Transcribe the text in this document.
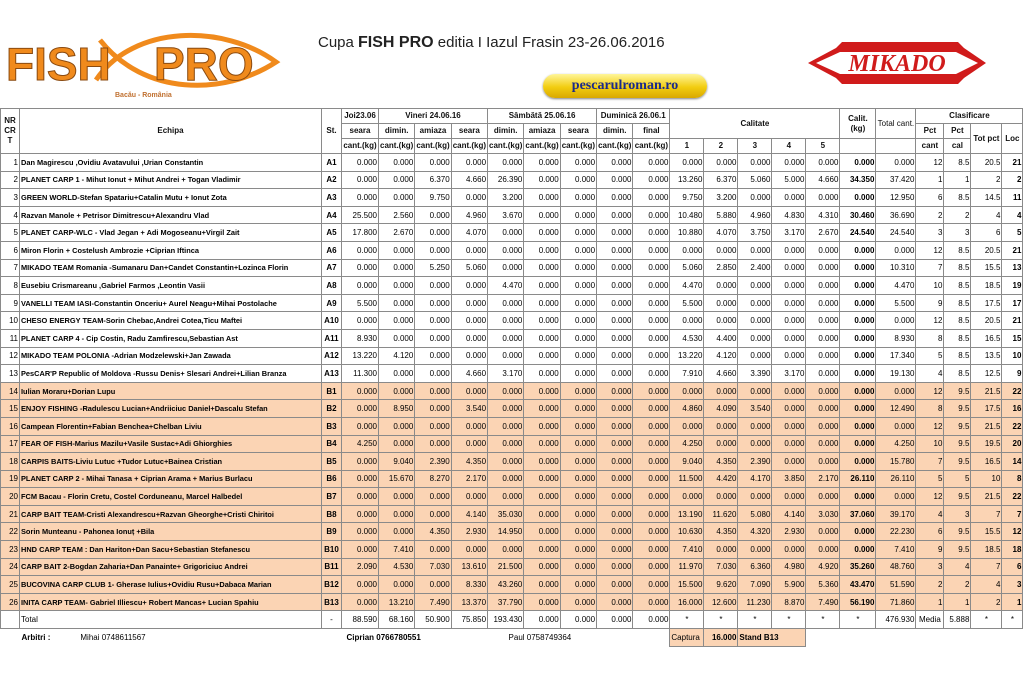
FISH PRO
Bacău - România
Cupa FISH PRO editia I Iazul Frasin 23-26.06.2016
pescarulroman.ro
MIKADO
NR CR T	Echipa	St.	Joi23.06	Vineri 24.06.16			Sâmbătă 25.06.16			Duminică 26.06.1		Calitate					Calit. (kg)	Total cant.	Clasificare			
			seara	dimin.	amiaza	seara	dimin.	amiaza	seara	dimin.	final								Pct	Pct	Tot pct	Loc
			cant.(kg)	cant.(kg)	cant.(kg)	cant.(kg)	cant.(kg)	cant.(kg)	cant.(kg)	cant.(kg)	cant.(kg)	1	2	3	4	5			cant	cal		
1	Dan Magirescu ,Ovidiu Avatavului ,Urian Constantin	A1	0.000	0.000	0.000	0.000	0.000	0.000	0.000	0.000	0.000	0.000	0.000	0.000	0.000	0.000	0.000	0.000	12	8.5	20.5	21
2	PLANET CARP 1 - Mihut Ionut + Mihut Andrei + Togan Vladimir	A2	0.000	0.000	6.370	4.660	26.390	0.000	0.000	0.000	0.000	13.260	6.370	5.060	5.000	4.660	34.350	37.420	1	1	2	2
3	GREEN WORLD-Stefan Spatariu+Catalin Mutu + Ionut Zota	A3	0.000	0.000	9.750	0.000	3.200	0.000	0.000	0.000	0.000	9.750	3.200	0.000	0.000	0.000	0.000	12.950	6	8.5	14.5	11
4	Razvan Manole + Petrisor Dimitrescu+Alexandru Vlad	A4	25.500	2.560	0.000	4.960	3.670	0.000	0.000	0.000	0.000	10.480	5.880	4.960	4.830	4.310	30.460	36.690	2	2	4	4
5	PLANET CARP-WLC - Vlad Jegan + Adi Mogoseanu+Virgil Zait	A5	17.800	2.670	0.000	4.070	0.000	0.000	0.000	0.000	0.000	10.880	4.070	3.750	3.170	2.670	24.540	24.540	3	3	6	5
6	Miron Florin + Costelush Ambrozie +Ciprian Iftinca	A6	0.000	0.000	0.000	0.000	0.000	0.000	0.000	0.000	0.000	0.000	0.000	0.000	0.000	0.000	0.000	0.000	12	8.5	20.5	21
7	MIKADO TEAM Romania -Sumanaru Dan+Candet Constantin+Lozinca Florin	A7	0.000	0.000	5.250	5.060	0.000	0.000	0.000	0.000	0.000	5.060	2.850	2.400	0.000	0.000	0.000	10.310	7	8.5	15.5	13
8	Eusebiu Crismareanu ,Gabriel Farmos ,Leontin Vasii	A8	0.000	0.000	0.000	0.000	4.470	0.000	0.000	0.000	0.000	4.470	0.000	0.000	0.000	0.000	0.000	4.470	10	8.5	18.5	19
9	VANELLI TEAM IASI-Constantin Onceriu+ Aurel Neagu+Mihai Postolache	A9	5.500	0.000	0.000	0.000	0.000	0.000	0.000	0.000	0.000	5.500	0.000	0.000	0.000	0.000	0.000	5.500	9	8.5	17.5	17
10	CHESO ENERGY TEAM-Sorin Chebac,Andrei Cotea,Ticu Maftei	A10	0.000	0.000	0.000	0.000	0.000	0.000	0.000	0.000	0.000	0.000	0.000	0.000	0.000	0.000	0.000	0.000	12	8.5	20.5	21
11	PLANET CARP 4 - Cip Costin, Radu Zamfirescu,Sebastian Ast	A11	8.930	0.000	0.000	0.000	0.000	0.000	0.000	0.000	0.000	4.530	4.400	0.000	0.000	0.000	0.000	8.930	8	8.5	16.5	15
12	MIKADO TEAM POLONIA -Adrian Modzelewski+Jan Zawada	A12	13.220	4.120	0.000	0.000	0.000	0.000	0.000	0.000	0.000	13.220	4.120	0.000	0.000	0.000	0.000	17.340	5	8.5	13.5	10
13	PesCAR'P Republic of Moldova -Russu Denis+ Slesari Andrei+Lilian Branza	A13	11.300	0.000	0.000	4.660	3.170	0.000	0.000	0.000	0.000	7.910	4.660	3.390	3.170	0.000	0.000	19.130	4	8.5	12.5	9
14	Iulian Moraru+Dorian Lupu	B1	0.000	0.000	0.000	0.000	0.000	0.000	0.000	0.000	0.000	0.000	0.000	0.000	0.000	0.000	0.000	0.000	12	9.5	21.5	22
15	ENJOY FISHING -Radulescu Lucian+Andriiciuc Daniel+Dascalu Stefan	B2	0.000	8.950	0.000	3.540	0.000	0.000	0.000	0.000	0.000	4.860	4.090	3.540	0.000	0.000	0.000	12.490	8	9.5	17.5	16
16	Campean Florentin+Fabian Benchea+Chelban Liviu	B3	0.000	0.000	0.000	0.000	0.000	0.000	0.000	0.000	0.000	0.000	0.000	0.000	0.000	0.000	0.000	0.000	12	9.5	21.5	22
17	FEAR OF FISH-Marius Mazilu+Vasile Sustac+Adi Ghiorghies	B4	4.250	0.000	0.000	0.000	0.000	0.000	0.000	0.000	0.000	4.250	0.000	0.000	0.000	0.000	0.000	4.250	10	9.5	19.5	20
18	CARPIS BAITS-Liviu Lutuc +Tudor Lutuc+Bainea Cristian	B5	0.000	9.040	2.390	4.350	0.000	0.000	0.000	0.000	0.000	9.040	4.350	2.390	0.000	0.000	0.000	15.780	7	9.5	16.5	14
19	PLANET CARP 2 - Mihai Tanasa + Ciprian Arama + Marius Burlacu	B6	0.000	15.670	8.270	2.170	0.000	0.000	0.000	0.000	0.000	11.500	4.420	4.170	3.850	2.170	26.110	26.110	5	5	10	8
20	FCM Bacau - Florin Cretu, Costel Corduneanu, Marcel Halbedel	B7	0.000	0.000	0.000	0.000	0.000	0.000	0.000	0.000	0.000	0.000	0.000	0.000	0.000	0.000	0.000	0.000	12	9.5	21.5	22
21	CARP BAIT TEAM-Cristi Alexandrescu+Razvan Gheorghe+Cristi Chiritoi	B8	0.000	0.000	0.000	4.140	35.030	0.000	0.000	0.000	0.000	13.190	11.620	5.080	4.140	3.030	37.060	39.170	4	3	7	7
22	Sorin Munteanu - Pahonea Ionuț +Bila	B9	0.000	0.000	4.350	2.930	14.950	0.000	0.000	0.000	0.000	10.630	4.350	4.320	2.930	0.000	0.000	22.230	6	9.5	15.5	12
23	HND CARP TEAM : Dan Hariton+Dan Sacu+Sebastian Stefanescu	B10	0.000	7.410	0.000	0.000	0.000	0.000	0.000	0.000	0.000	7.410	0.000	0.000	0.000	0.000	0.000	7.410	9	9.5	18.5	18
24	CARP BAIT 2-Bogdan Zaharia+Dan Panainte+ Grigoriciuc Andrei	B11	2.090	4.530	7.030	13.610	21.500	0.000	0.000	0.000	0.000	11.970	7.030	6.360	4.980	4.920	35.260	48.760	3	4	7	6
25	BUCOVINA CARP CLUB 1- Gherase Iulius+Ovidiu Rusu+Dabaca Marian	B12	0.000	0.000	0.000	8.330	43.260	0.000	0.000	0.000	0.000	15.500	9.620	7.090	5.900	5.360	43.470	51.590	2	2	4	3
26	INITA CARP TEAM- Gabriel Illiescu+ Robert Mancas+ Lucian Spahiu	B13	0.000	13.210	7.490	13.370	37.790	0.000	0.000	0.000	0.000	16.000	12.600	11.230	8.870	7.490	56.190	71.860	1	1	2	1
	Total	-	88.590	68.160	50.900	75.850	193.430	0.000	0.000	0.000	0.000	*	*	*	*	*	*	476.930	Media	5.888	*	*
Arbitri : Mihai 0748611567		Ciprian 0766780551					Paul 0758749364					Captura	16.000	Stand B13								
